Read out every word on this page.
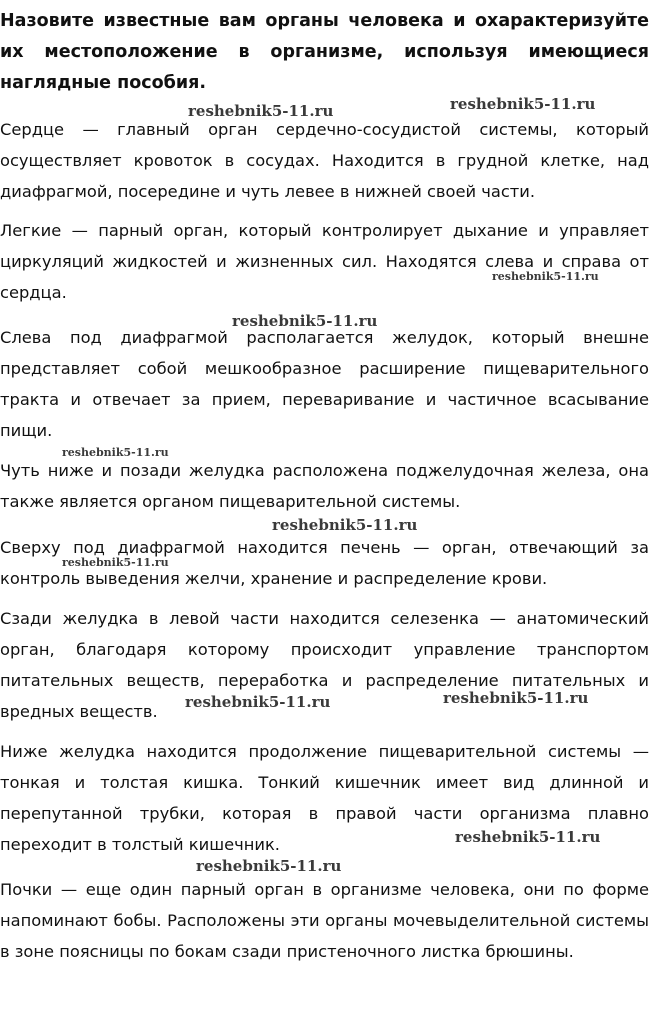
Назовите известные вам органы человека и охарактеризуйте их местоположение в организме, используя имеющиеся наглядные пособия.

Сердце — главный орган сердечно-сосудистой системы, который осуществляет кровоток в сосудах. Находится в грудной клетке, над диафрагмой, посередине и чуть левее в нижней своей части.

Легкие — парный орган, который контролирует дыхание и управляет циркуляций жидкостей и жизненных сил. Находятся слева и справа от сердца.

Слева под диафрагмой располагается желудок, который внешне представляет собой мешкообразное расширение пищеварительного тракта и отвечает за прием, переваривание и частичное всасывание пищи.

Чуть ниже и позади желудка расположена поджелудочная железа, она также является органом пищеварительной системы.

Сверху под диафрагмой находится печень — орган, отвечающий за контроль выведения желчи, хранение и распределение крови.

Сзади желудка в левой части находится селезенка — анатомический орган, благодаря которому происходит управление транспортом питательных веществ, переработка и распределение питательных и вредных веществ.

Ниже желудка находится продолжение пищеварительной системы — тонкая и толстая кишка. Тонкий кишечник имеет вид длинной и перепутанной трубки, которая в правой части организма плавно переходит в толстый кишечник.

Почки — еще один парный орган в организме человека, они по форме напоминают бобы. Расположены эти органы мочевыделительной системы в зоне поясницы по бокам сзади пристеночного листка брюшины.

reshebnik5-11.ru	reshebnik5-11.ru
reshebnik5-11.ru
reshebnik5-11.ru
reshebnik5-11.ru
reshebnik5-11.ru
reshebnik5-11.ru
reshebnik5-11.ru	reshebnik5-11.ru
reshebnik5-11.ru
reshebnik5-11.ru
